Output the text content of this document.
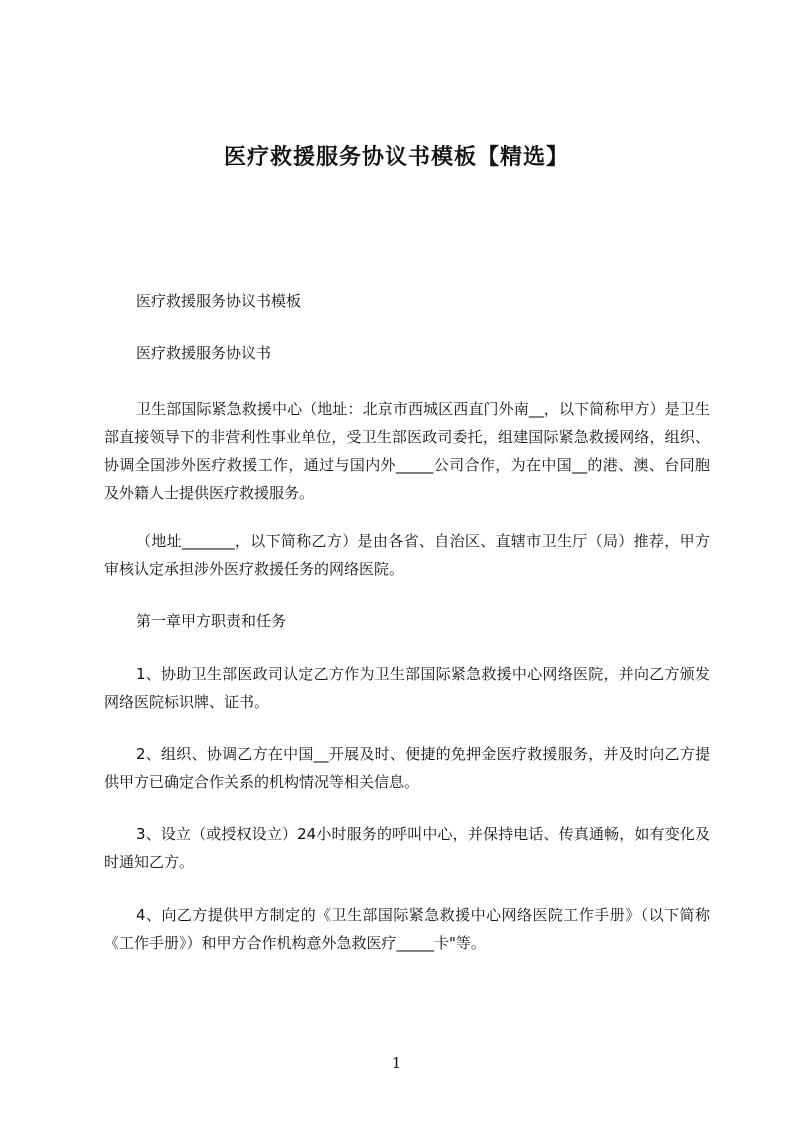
医疗救援服务协议书模板【精选】

医疗救援服务协议书模板

医疗救援服务协议书

卫生部国际紧急救援中心（地址：北京市西城区西直门外南__，以下简称甲方）是卫生部直接领导下的非营利性事业单位，受卫生部医政司委托，组建国际紧急救援网络，组织、协调全国涉外医疗救援工作，通过与国内外_____公司合作，为在中国__的港、澳、台同胞及外籍人士提供医疗救援服务。

（地址_______，以下简称乙方）是由各省、自治区、直辖市卫生厅（局）推荐，甲方审核认定承担涉外医疗救援任务的网络医院。

第一章甲方职责和任务

1、协助卫生部医政司认定乙方作为卫生部国际紧急救援中心网络医院，并向乙方颁发网络医院标识牌、证书。

2、组织、协调乙方在中国__开展及时、便捷的免押金医疗救援服务，并及时向乙方提供甲方已确定合作关系的机构情况等相关信息。

3、设立（或授权设立）24小时服务的呼叫中心，并保持电话、传真通畅，如有变化及时通知乙方。

4、向乙方提供甲方制定的《卫生部国际紧急救援中心网络医院工作手册》（以下简称《工作手册》）和甲方合作机构意外急救医疗_____卡"等。

1
